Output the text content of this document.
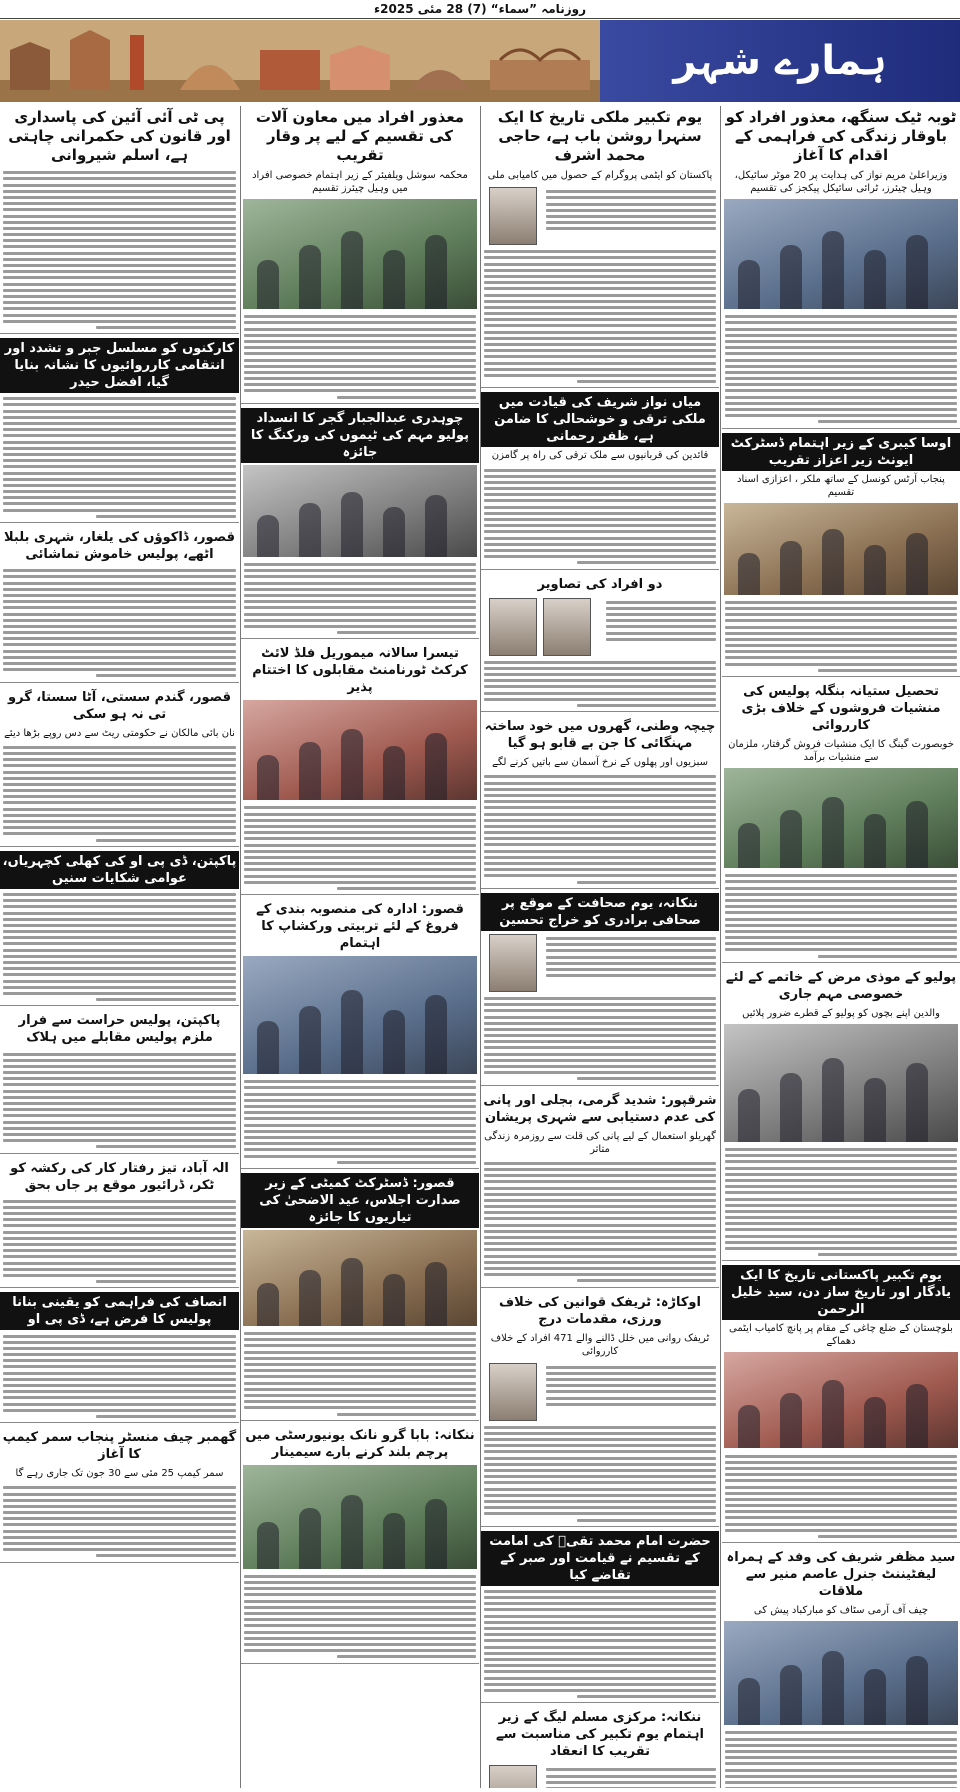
روزنامہ ”سماء“ (7) 28 مئی 2025ء
ہمارے شہر
ٹوبہ ٹیک سنگھ، معذور افراد کو باوقار زندگی کی فراہمی کے اقدام کا آغاز
وزیراعلیٰ مریم نواز کی ہدایت پر 20 موٹر سائیکل، وہیل چیئرز، ٹرائی سائیکل پیکجز کی تقسیم
اوسا کیبری کے زیر اہتمام ڈسٹرکٹ ایونٹ زیر اعزاز تقریب
پنجاب آرٹس کونسل کے ساتھ ملکر ، اعزازی اسناد تقسیم
تحصیل ستیانہ بنگلہ پولیس کی منشیات فروشوں کے خلاف بڑی کارروائی
خوبصورت گینگ کا ایک منشیات فروش گرفتار، ملزمان سے منشیات برآمد
پولیو کے موذی مرض کے خاتمے کے لئے خصوصی مہم جاری
والدین اپنے بچوں کو پولیو کے قطرے ضرور پلائیں
یوم تکبیر پاکستانی تاریخ کا ایک یادگار اور تاریخ ساز دن، سید خلیل الرحمن
بلوچستان کے ضلع چاغی کے مقام پر پانچ کامیاب ایٹمی دھماکے
سید مظفر شریف کی وفد کے ہمراہ لیفٹیننٹ جنرل عاصم منیر سے ملاقات
چیف آف آرمی سٹاف کو مبارکباد پیش کی
یوم تکبیر ملکی تاریخ کا ایک سنہرا روشن باب ہے، حاجی محمد اشرف
پاکستان کو ایٹمی پروگرام کے حصول میں کامیابی ملی
میاں نواز شریف کی قیادت میں ملکی ترقی و خوشحالی کا ضامن ہے، ظفر رحمانی
قائدین کی قربانیوں سے ملک ترقی کی راہ پر گامزن
دو افراد کی تصاویر
چیچہ وطنی، گھروں میں خود ساختہ مہنگائی کا جن بے قابو ہو گیا
سبزیوں اور پھلوں کے نرخ آسمان سے باتیں کرنے لگے
ننکانہ، یوم صحافت کے موقع پر صحافی برادری کو خراج تحسین
شرقپور: شدید گرمی، بجلی اور پانی کی عدم دستیابی سے شہری پریشان
گھریلو استعمال کے لیے پانی کی قلت سے روزمرہ زندگی متاثر
اوکاڑہ: ٹریفک قوانین کی خلاف ورزی، مقدمات درج
ٹریفک روانی میں خلل ڈالنے والے 471 افراد کے خلاف کارروائی
حضرت امام محمد تقیؑ کی امامت کے تقسیم نے قیامت اور صبر کے تقاضے کیا
ننکانہ: مرکزی مسلم لیگ کے زیر اہتمام یوم تکبیر کی مناسبت سے تقریب کا انعقاد
معذور افراد میں معاون آلات کی تقسیم کے لیے پر وقار تقریب
محکمہ سوشل ویلفیئر کے زیر اہتمام خصوصی افراد میں وہیل چیئرز تقسیم
چوہدری عبدالجبار گجر کا انسداد پولیو مہم کی ٹیموں کی ورکنگ کا جائزہ
تیسرا سالانہ میموریل فلڈ لائٹ کرکٹ ٹورنامنٹ مقابلوں کا اختتام پذیر
قصور: ادارہ کی منصوبہ بندی کے فروغ کے لئے تربیتی ورکشاپ کا اہتمام
قصور: ڈسٹرکٹ کمیٹی کے زیر صدارت اجلاس، عید الاضحیٰ کی تیاریوں کا جائزہ
ننکانہ: بابا گرو نانک یونیورسٹی میں پرچم بلند کرنے بارے سیمینار
پی ٹی آئی آئین کی پاسداری اور قانون کی حکمرانی چاہتی ہے، اسلم شیروانی
کارکنوں کو مسلسل جبر و تشدد اور انتقامی کارروائیوں کا نشانہ بنایا گیا، افضل حیدر
قصور، ڈاکوؤں کی یلغار، شہری بلبلا اٹھے، پولیس خاموش تماشائی
قصور، گندم سستی، آٹا سستا، گرو تی نہ ہو سکی
نان بائی مالکان نے حکومتی ریٹ سے دس روپے بڑھا دیئے
پاکپتن، ڈی پی او کی کھلی کچہریاں، عوامی شکایات سنیں
پاکپتن، پولیس حراست سے فرار ملزم پولیس مقابلے میں ہلاک
الہ آباد، تیز رفتار کار کی رکشہ کو ٹکر، ڈرائیور موقع پر جاں بحق
انصاف کی فراہمی کو یقینی بنانا پولیس کا فرض ہے، ڈی پی او
گھمبر چیف منسٹر پنجاب سمر کیمپ کا آغاز
سمر کیمپ 25 مئی سے 30 جون تک جاری رہے گا
